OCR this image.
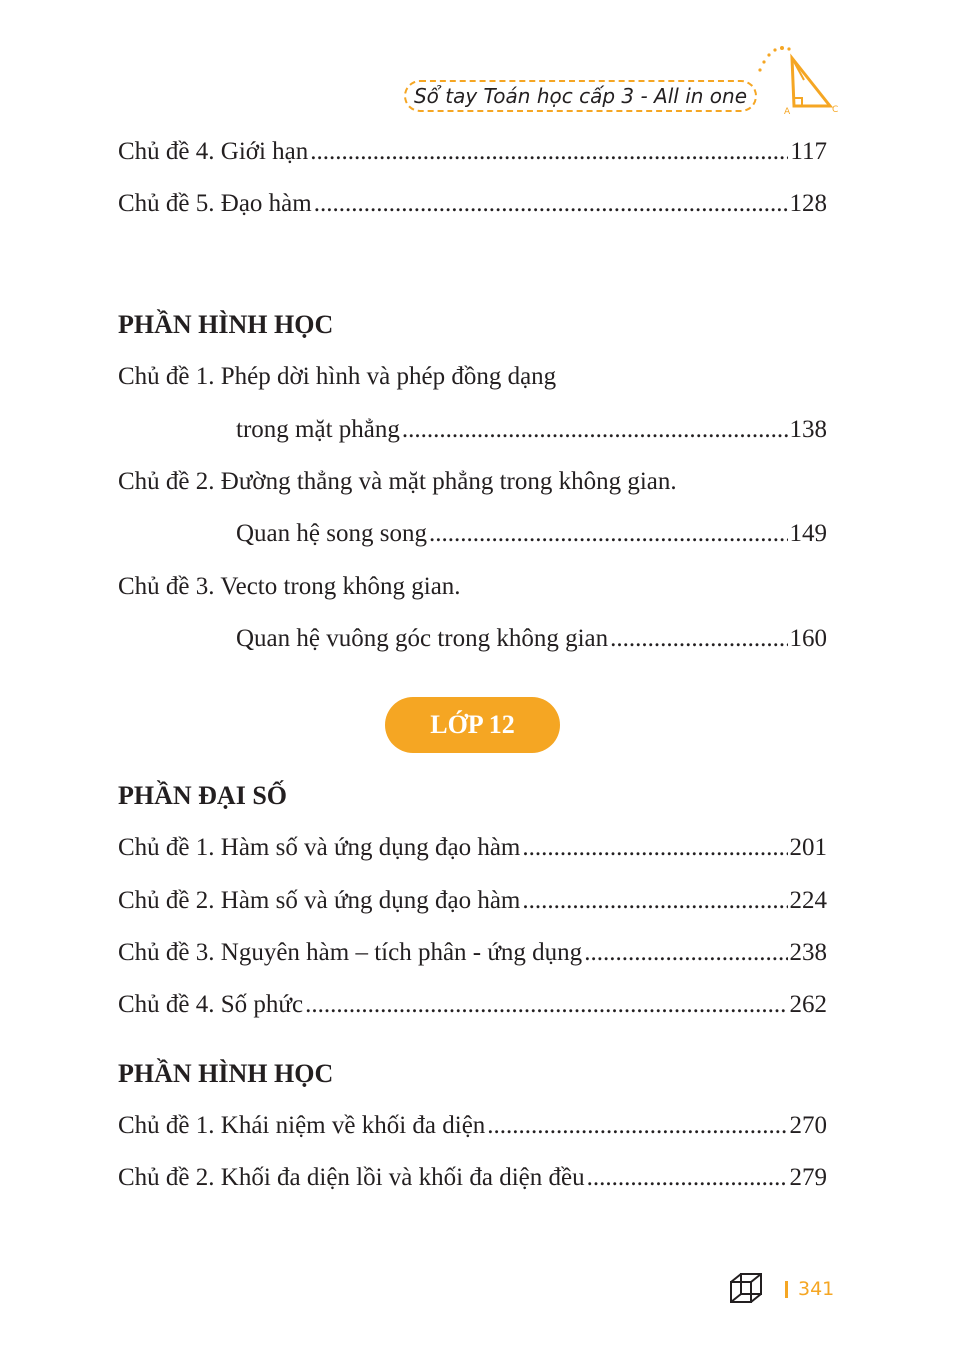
Sổ tay Toán học cấp 3 - All in one
A	C
Chủ đề 4. Giới hạn .....	117
Chủ đề 5. Đạo hàm .....	128
PHẦN HÌNH HỌC
Chủ đề 1. Phép dời hình và phép đồng dạng
trong mặt phẳng .....	138
Chủ đề 2. Đường thẳng và mặt phẳng trong không gian.
Quan hệ song song .....	149
Chủ đề 3. Vecto trong không gian.
Quan hệ vuông góc trong không gian .....	160
LỚP 12
PHẦN ĐẠI SỐ
Chủ đề 1. Hàm số và ứng dụng đạo hàm .....	201
Chủ đề 2. Hàm số và ứng dụng đạo hàm .....	224
Chủ đề 3. Nguyên hàm – tích phân - ứng dụng .....	238
Chủ đề 4. Số phức .....	262
PHẦN HÌNH HỌC
Chủ đề 1. Khái niệm về khối đa diện .....	270
Chủ đề 2. Khối đa diện lồi và khối đa diện đều .....	279
341
